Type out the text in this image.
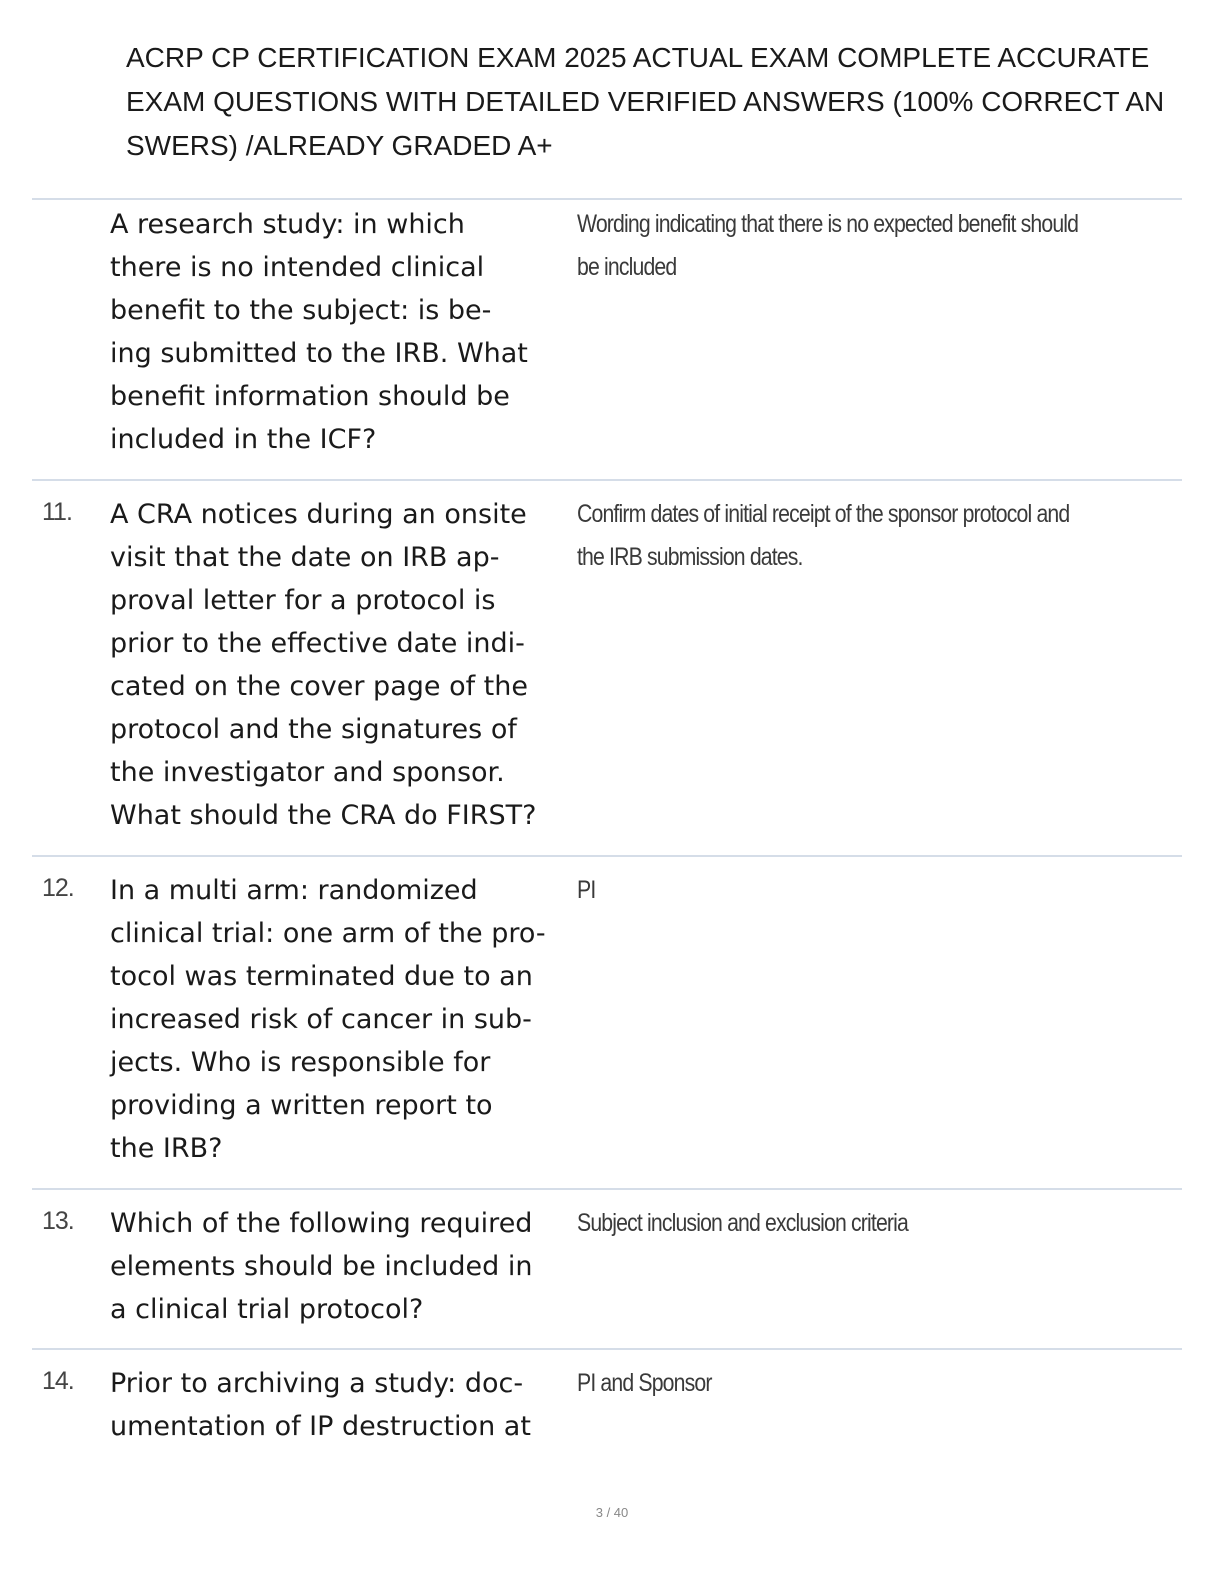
ACRP CP CERTIFICATION EXAM 2025 ACTUAL EXAM COMPLETE ACCURATE
EXAM QUESTIONS WITH DETAILED VERIFIED ANSWERS (100% CORRECT AN
SWERS) /ALREADY GRADED A+
A research study: in which
there is no intended clinical
benefit to the subject: is be-
ing submitted to the IRB. What
benefit information should be
included in the ICF?
Wording indicating that there is no expected benefit should
be included
11. A CRA notices during an onsite
visit that the date on IRB ap-
proval letter for a protocol is
prior to the effective date indi-
cated on the cover page of the
protocol and the signatures of
the investigator and sponsor.
What should the CRA do FIRST?
Confirm dates of initial receipt of the sponsor protocol and
the IRB submission dates.
12. In a multi arm: randomized
clinical trial: one arm of the pro-
tocol was terminated due to an
increased risk of cancer in sub-
jects. Who is responsible for
providing a written report to
the IRB?
PI
13. Which of the following required
elements should be included in
a clinical trial protocol?
Subject inclusion and exclusion criteria
14. Prior to archiving a study: doc-
umentation of IP destruction at
PI and Sponsor
3 / 40
